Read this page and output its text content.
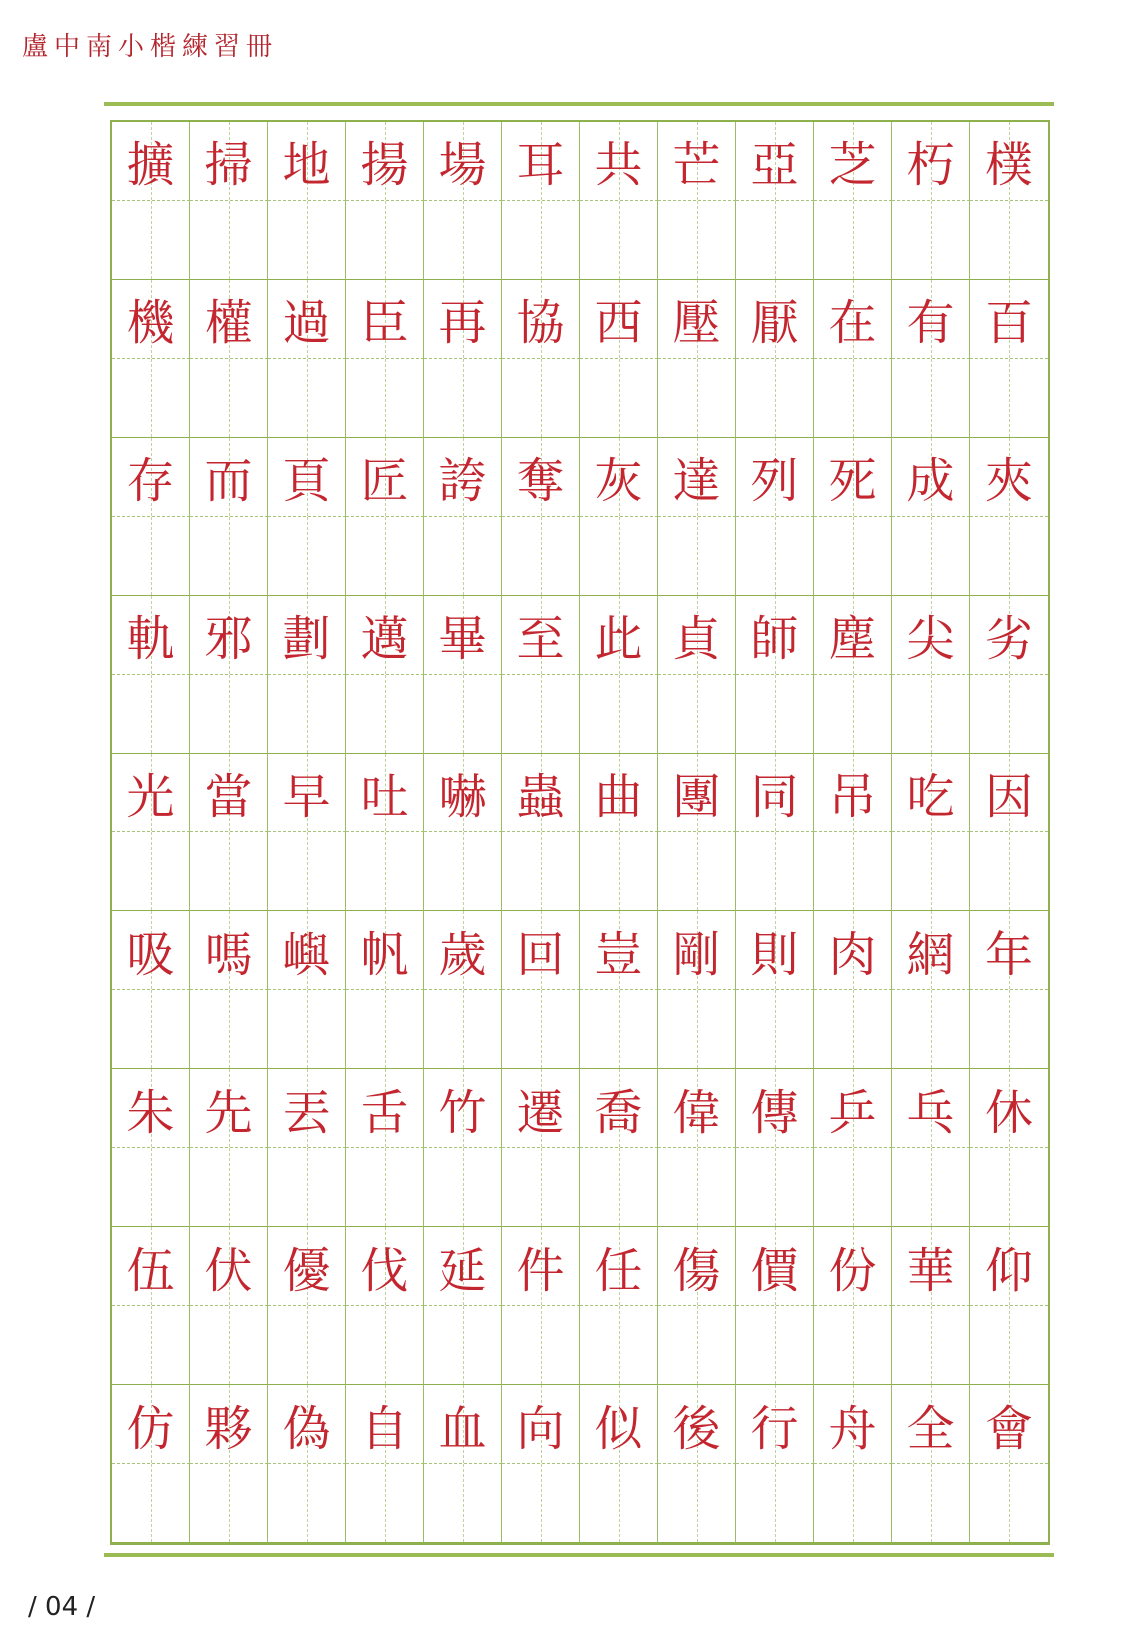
盧中南小楷練習冊
擴 掃 地 揚 場 耳 共 芒 亞 芝 朽 樸
機 權 過 臣 再 協 西 壓 厭 在 有 百
存 而 頁 匠 誇 奪 灰 達 列 死 成 夾
軌 邪 劃 邁 畢 至 此 貞 師 塵 尖 劣
光 當 早 吐 嚇 蟲 曲 團 同 吊 吃 因
吸 嗎 嶼 帆 歲 回 豈 剛 則 肉 網 年
朱 先 丟 舌 竹 遷 喬 偉 傳 乒 乓 休
伍 伏 優 伐 延 件 任 傷 價 份 華 仰
仿 夥 偽 自 血 向 似 後 行 舟 全 會
/ 04 /
